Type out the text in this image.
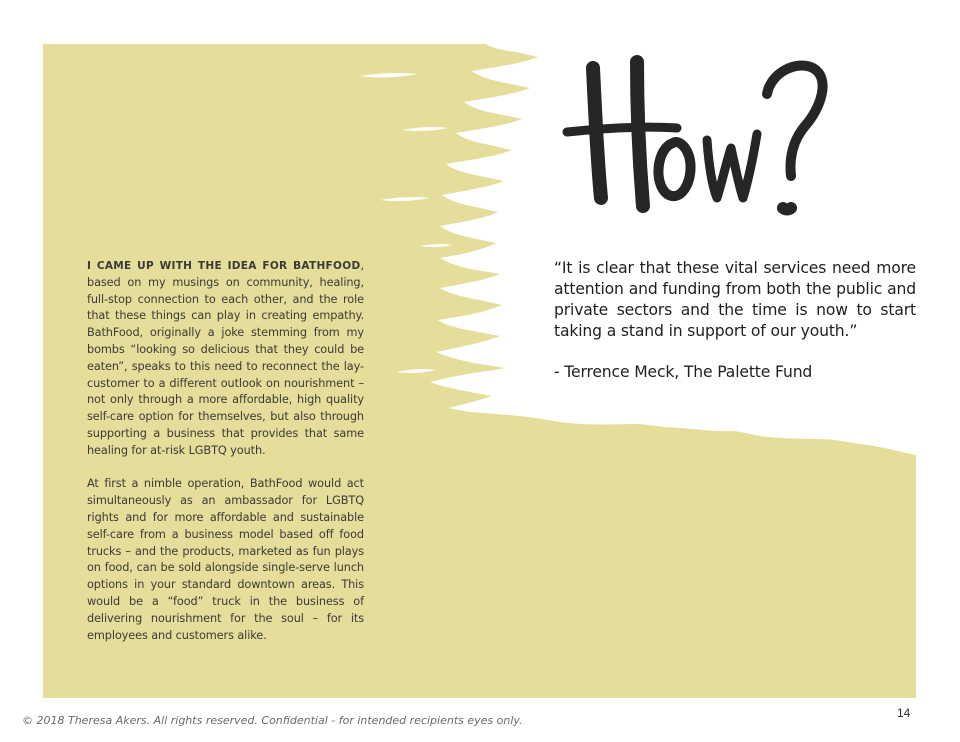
I CAME UP WITH THE IDEA FOR BATHFOOD, based on my musings on community, healing, full-stop connection to each other, and the role that these things can play in creating empathy. BathFood, originally a joke stemming from my bombs “looking so delicious that they could be eaten”, speaks to this need to reconnect the lay-customer to a different outlook on nourishment – not only through a more affordable, high quality self-care option for themselves, but also through supporting a business that provides that same healing for at-risk LGBTQ youth.

At first a nimble operation, BathFood would act simultaneously as an ambassador for LGBTQ rights and for more affordable and sustainable self-care from a business model based off food trucks – and the products, marketed as fun plays on food, can be sold alongside single-serve lunch options in your standard downtown areas. This would be a “food” truck in the business of delivering nourishment for the soul – for its employees and customers alike.

“It is clear that these vital services need more attention and funding from both the public and private sectors and the time is now to start taking a stand in support of our youth.”

- Terrence Meck, The Palette Fund

© 2018 Theresa Akers. All rights reserved. Confidential - for intended recipients eyes only.
14
